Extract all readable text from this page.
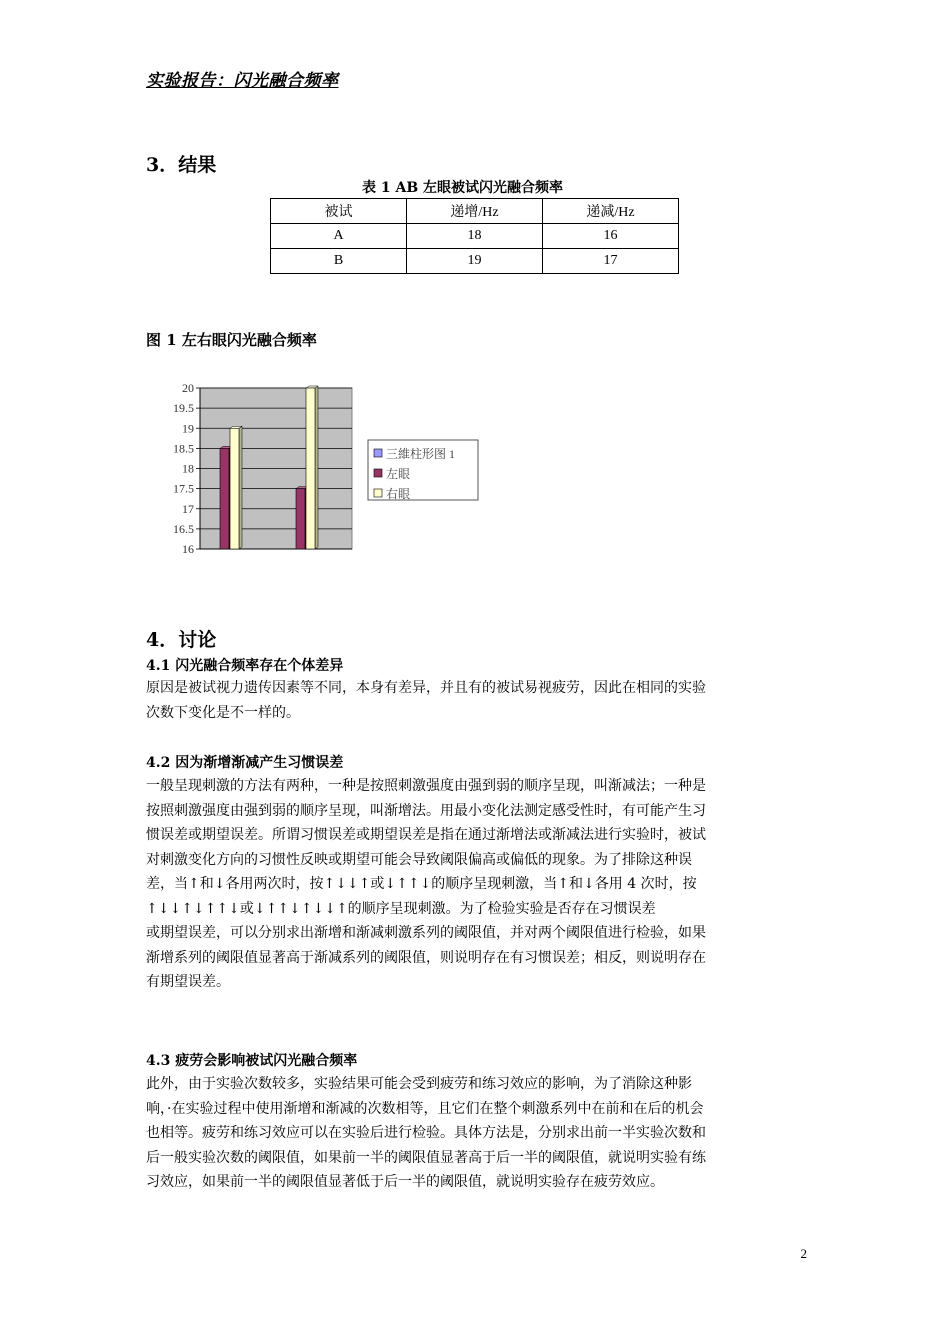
实验报告：闪光融合频率
3．结果
表 1 AB 左眼被试闪光融合频率
被试	递增/Hz	递减/Hz
A	18	16
B	19	17
图 1 左右眼闪光融合频率
20
19.5
19
18.5
18
17.5
17
16.5
16
三維柱形图 1
左眼
右眼
4．讨论
4.1 闪光融合频率存在个体差异
原因是被试视力遗传因素等不同，本身有差异，并且有的被试易视疲劳，因此在相同的实验
次数下变化是不一样的。
4.2 因为渐增渐减产生习惯误差
一般呈现刺激的方法有两种，一种是按照刺激强度由强到弱的顺序呈现，叫渐减法；一种是
按照刺激强度由强到弱的顺序呈现，叫渐增法。用最小变化法测定感受性时，有可能产生习
惯误差或期望误差。所谓习惯误差或期望误差是指在通过渐增法或渐减法进行实验时，被试
对刺激变化方向的习惯性反映或期望可能会导致阈限偏高或偏低的现象。为了排除这种误
差，当↑和↓各用两次时，按↑↓↓↑或↓↑↑↓的顺序呈现刺激，当↑和↓各用 4 次时，按
↑↓↓↑↓↑↑↓或↓↑↑↓↑↓↓↑的顺序呈现刺激。为了检验实验是否存在习惯误差
或期望误差，可以分别求出渐增和渐减刺激系列的阈限值，并对两个阈限值进行检验，如果
渐增系列的阈限值显著高于渐减系列的阈限值，则说明存在有习惯误差；相反，则说明存在
有期望误差。
4.3 疲劳会影响被试闪光融合频率
此外，由于实验次数较多，实验结果可能会受到疲劳和练习效应的影响，为了消除这种影
响，·在实验过程中使用渐增和渐减的次数相等，且它们在整个刺激系列中在前和在后的机会
也相等。疲劳和练习效应可以在实验后进行检验。具体方法是，分别求出前一半实验次数和
后一般实验次数的阈限值，如果前一半的阈限值显著高于后一半的阈限值，就说明实验有练
习效应，如果前一半的阈限值显著低于后一半的阈限值，就说明实验存在疲劳效应。
2
